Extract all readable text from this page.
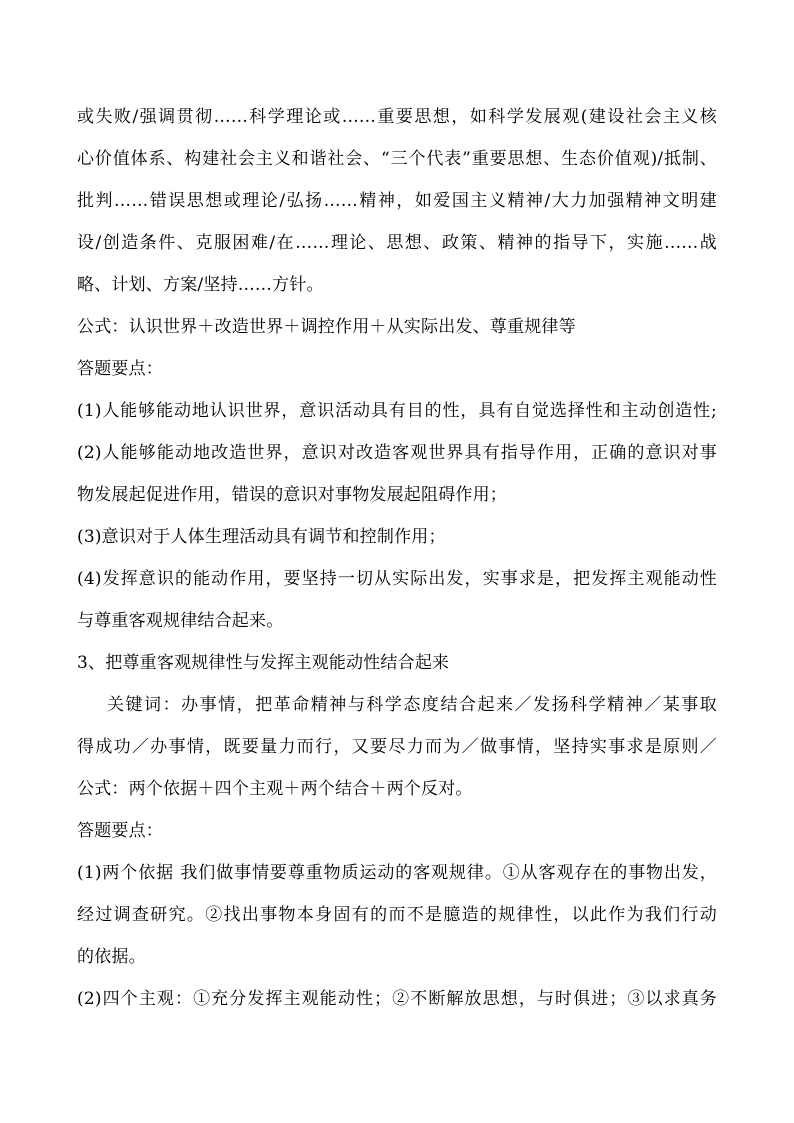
或失败/强调贯彻……科学理论或……重要思想，如科学发展观(建设社会主义核
心价值体系、构建社会主义和谐社会、“三个代表”重要思想、生态价值观)/抵制、
批判……错误思想或理论/弘扬……精神，如爱国主义精神/大力加强精神文明建
设/创造条件、克服困难/在……理论、思想、政策、精神的指导下，实施……战
略、计划、方案/坚持……方针。
公式：认识世界＋改造世界＋调控作用＋从实际出发、尊重规律等
答题要点：
(1)人能够能动地认识世界，意识活动具有目的性，具有自觉选择性和主动创造性;
(2)人能够能动地改造世界，意识对改造客观世界具有指导作用，正确的意识对事
物发展起促进作用，错误的意识对事物发展起阻碍作用；
(3)意识对于人体生理活动具有调节和控制作用；
(4)发挥意识的能动作用，要坚持一切从实际出发，实事求是，把发挥主观能动性
与尊重客观规律结合起来。
3、把尊重客观规律性与发挥主观能动性结合起来
关键词：办事情，把革命精神与科学态度结合起来／发扬科学精神／某事取
得成功／办事情，既要量力而行，又要尽力而为／做事情，坚持实事求是原则／
公式：两个依据＋四个主观＋两个结合＋两个反对。
答题要点：
(1)两个依据 我们做事情要尊重物质运动的客观规律。①从客观存在的事物出发，
经过调查研究。②找出事物本身固有的而不是臆造的规律性，以此作为我们行动
的依据。
(2)四个主观：①充分发挥主观能动性；②不断解放思想，与时俱进；③以求真务
